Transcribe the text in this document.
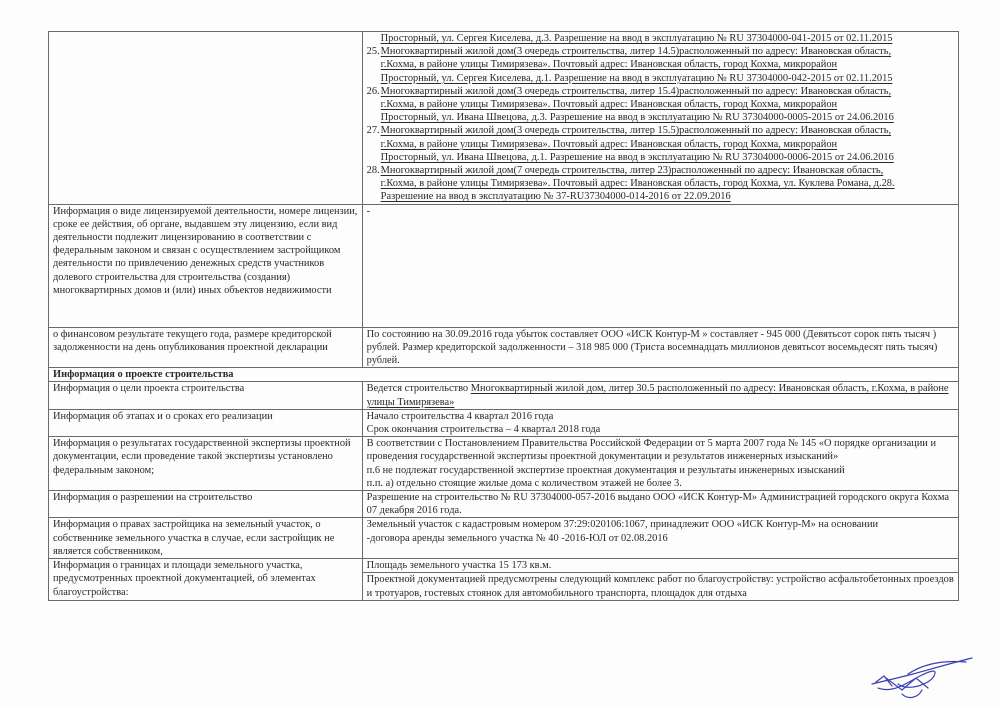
Просторный, ул. Сергея Киселева, д.3. Разрешение на ввод в эксплуатацию № RU 37304000-041-2015 от 02.11.2015
25. Многоквартирный жилой дом(3 очередь строительства, литер 14.5)расположенный по адресу: Ивановская область,
г.Кохма, в районе улицы Тимирязева». Почтовый адрес: Ивановская область, город Кохма, микрорайон
Просторный, ул. Сергея Киселева, д.1. Разрешение на ввод в эксплуатацию № RU 37304000-042-2015 от 02.11.2015
26. Многоквартирный жилой дом(3 очередь строительства, литер 15.4)расположенный по адресу: Ивановская область,
г.Кохма, в районе улицы Тимирязева». Почтовый адрес: Ивановская область, город Кохма, микрорайон
Просторный, ул. Ивана Швецова, д.3. Разрешение на ввод в эксплуатацию № RU 37304000-0005-2015 от 24.06.2016
27. Многоквартирный жилой дом(3 очередь строительства, литер 15.5)расположенный по адресу: Ивановская область,
г.Кохма, в районе улицы Тимирязева». Почтовый адрес: Ивановская область, город Кохма, микрорайон
Просторный, ул. Ивана Швецова, д.1. Разрешение на ввод в эксплуатацию № RU 37304000-0006-2015 от 24.06.2016
28. Многоквартирный жилой дом(7 очередь строительства, литер 23)расположенный по адресу: Ивановская область,
г.Кохма, в районе улицы Тимирязева». Почтовый адрес: Ивановская область, город Кохма, ул. Куклева Романа, д.28.
Разрешение на ввод в эксплуатацию № 37-RU37304000-014-2016 от 22.09.2016

Информация о виде лицензируемой деятельности, номере лицензии, сроке ее действия, об органе, выдавшем эту лицензию, если вид деятельности подлежит лицензированию в соответствии с федеральным законом и связан с осуществлением застройщиком деятельности по привлечению денежных средств участников долевого строительства для строительства (создания) многоквартирных домов и (или) иных объектов недвижимости	-
о финансовом результате текущего года, размере кредиторской задолженности на день опубликования проектной декларации	По состоянию на 30.09.2016 года убыток составляет ООО «ИСК Контур-М » составляет - 945 000 (Девятьсот сорок пять тысяч ) рублей. Размер кредиторской задолженности – 318 985 000 (Триста восемнадцать миллионов девятьсот восемьдесят пять тысяч) рублей.
Информация о проекте строительства	
Информация о цели проекта строительства	Ведется строительство Многоквартирный жилой дом, литер 30.5 расположенный по адресу: Ивановская область, г.Кохма, в районе улицы Тимирязева»
Информация об этапах и о сроках его реализации	Начало строительства 4 квартал 2016 года
Срок окончания строительства – 4 квартал 2018 года

Информация о результатах государственной экспертизы проектной документации, если проведение такой экспертизы установлено федеральным законом;	В соответствии с Постановлением Правительства Российской Федерации от 5 марта 2007 года № 145 «О порядке организации и проведения государственной экспертизы проектной документации и результатов инженерных изысканий»
п.6 не подлежат государственной экспертизе проектная документация и результаты инженерных изысканий
п.п. а) отдельно стоящие жилые дома с количеством этажей не более 3.

Информация о разрешении на строительство	Разрешение на строительство № RU 37304000-057-2016 выдано ООО «ИСК Контур-М» Администрацией городского округа Кохма 07 декабря 2016 года.
Информация о правах застройщика на земельный участок, о собственнике земельного участка в случае, если застройщик не является собственником,	Земельный участок с кадастровым номером 37:29:020106:1067, принадлежит ООО «ИСК Контур-М» на основании
-договора аренды земельного участка № 40 -2016-ЮЛ от 02.08.2016

Информация о границах и площади земельного участка, предусмотренных проектной документацией, об элементах благоустройства:	Площадь земельного участка 15 173 кв.м.
	Проектной документацией предусмотрены следующий комплекс работ по благоустройству: устройство асфальтобетонных проездов и тротуаров, гостевых стоянок для автомобильного транспорта, площадок для отдыха
